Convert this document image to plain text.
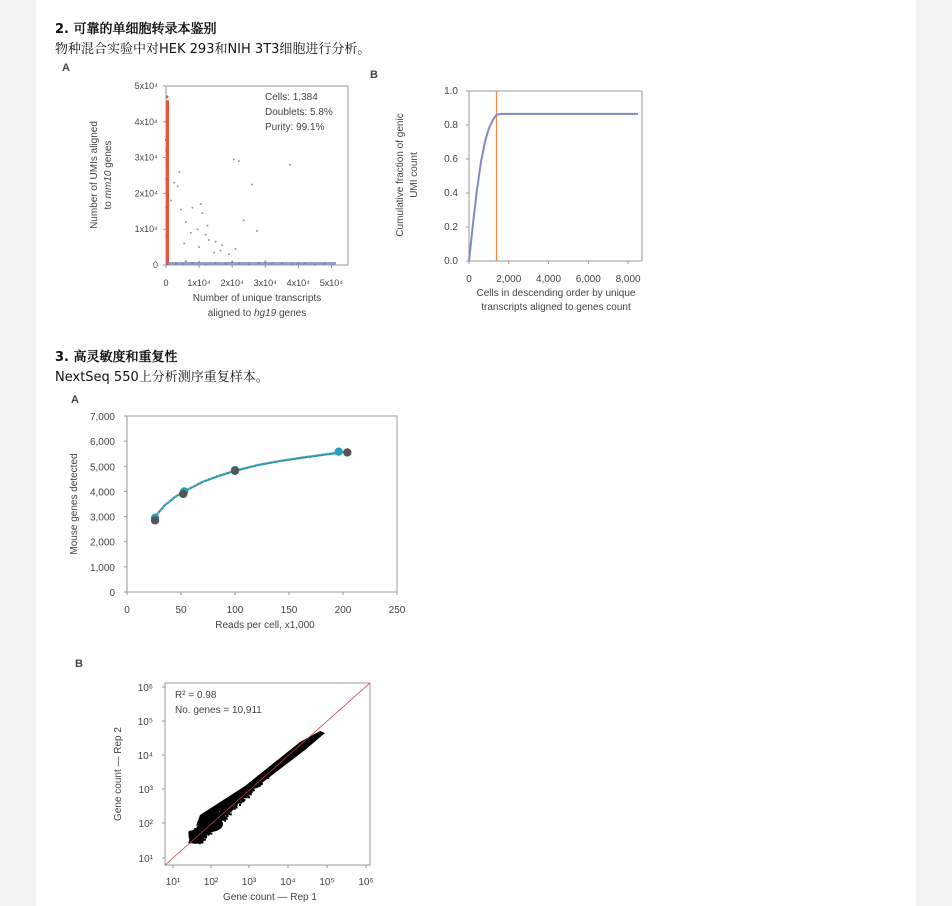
2. 可靠的单细胞转录本鉴别
物种混合实验中对HEK 293和NIH 3T3细胞进行分析。
3. 高灵敏度和重复性
NextSeq 550上分析测序重复样本。
A
0 1x10⁴ 2x10⁴ 3x10⁴ 4x10⁴ 5x10⁴
0
1x10⁴
2x10⁴
3x10⁴
4x10⁴
5x10⁴
Cells: 1,384
Doublets: 5.8%
Purity: 99.1%
Number of unique transcripts
aligned to hg19 genes
Number of UMIs aligned to mm10 genes
B
0 2,000 4,000 6,000 8,000
0.0
0.2
0.4
0.6
0.8
1.0
Cells in descending order by unique
transcripts aligned to genes count
Cumulative fraction of genic UMI count
A
0	50	100	150	200	250
0
1,000
2,000
3,000
4,000
5,000
6,000
7,000
Reads per cell, x1,000
Mouse genes detected
B
10¹ 10² 10³ 10⁴ 10⁵ 10⁶
10¹
10²
10³
10⁴
10⁵
10⁶
R² = 0.98
No. genes = 10,911
Gene count — Rep 1
Gene count — Rep 2
